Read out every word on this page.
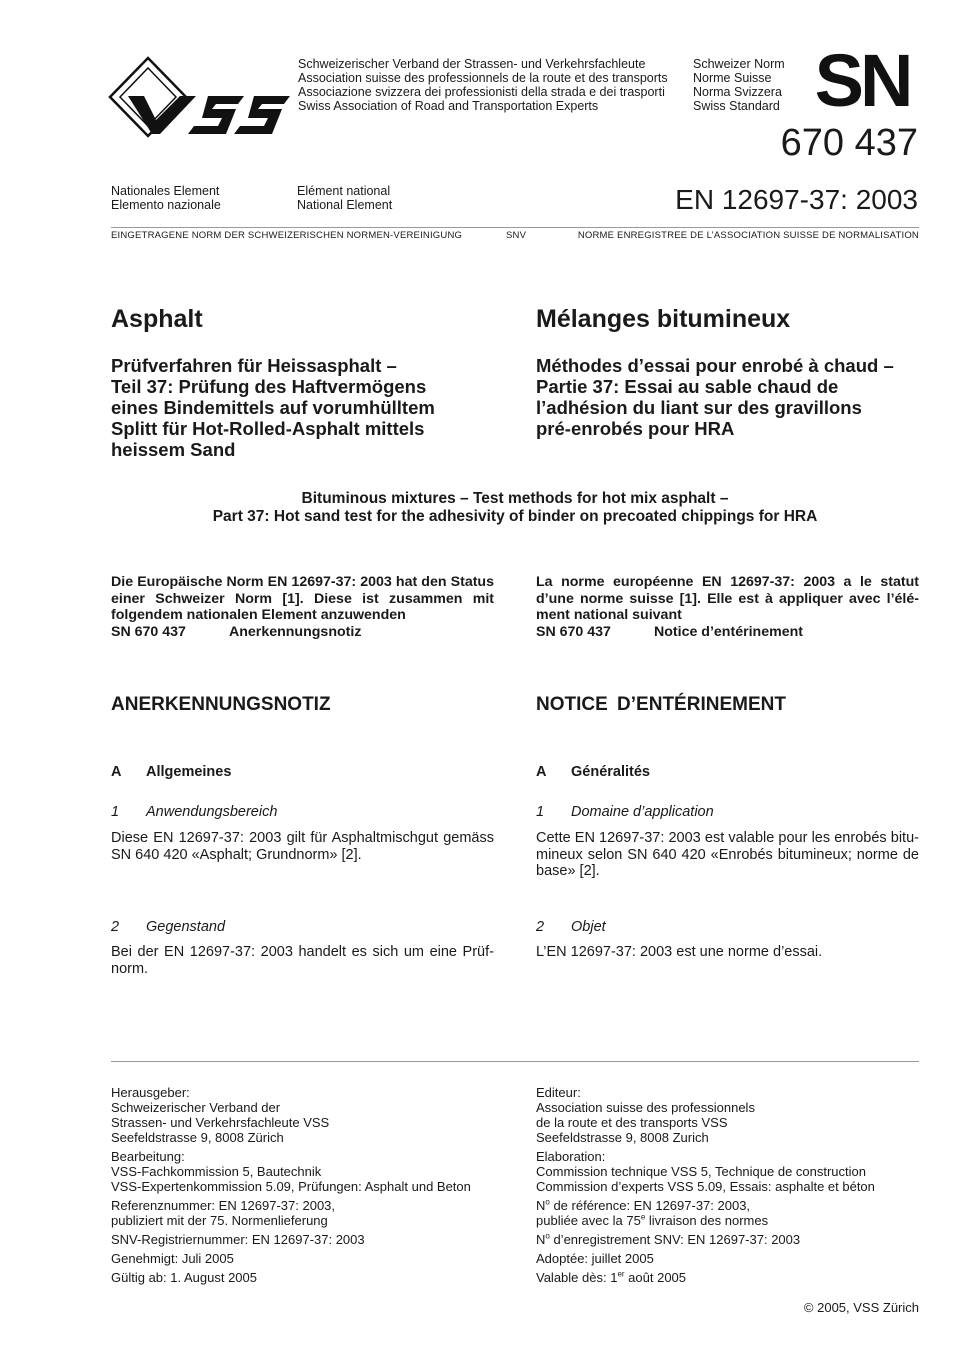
Schweizerischer Verband der Strassen- und Verkehrsfachleute
Association suisse des professionnels de la route et des transports
Associazione svizzera dei professionisti della strada e dei trasporti
Swiss Association of Road and Transportation Experts
Schweizer Norm
Norme Suisse
Norma Svizzera
Swiss Standard SN
670 437
Nationales Element
Elemento nazionale
Elément national
National Element	EN 12697-37: 2003
EINGETRAGENE NORM DER SCHWEIZERISCHEN NORMEN-VEREINIGUNG	SNV	NORME ENREGISTREE DE L’ASSOCIATION SUISSE DE NORMALISATION
Asphalt	Mélanges bitumineux
Prüfverfahren für Heissasphalt –
Teil 37: Prüfung des Haftvermögens
eines Bindemittels auf vorumhülltem
Splitt für Hot-Rolled-Asphalt mittels
heissem Sand
Méthodes d’essai pour enrobé à chaud –
Partie 37: Essai au sable chaud de
l’adhésion du liant sur des gravillons
pré-enrobés pour HRA
Bituminous mixtures – Test methods for hot mix asphalt –
Part 37: Hot sand test for the adhesivity of binder on precoated chippings for HRA
Die Europäische Norm EN 12697-37: 2003 hat den Status einer Schweizer Norm [1]. Diese ist zusammen mit folgendem nationalen Element anzuwenden
SN 670 437	Anerkennungsnotiz
La norme européenne EN 12697-37: 2003 a le statut d’une norme suisse [1]. Elle est à appliquer avec l’élément national suivant
SN 670 437	Notice d’entérinement
ANERKENNUNGSNOTIZ	NOTICE D’ENTÉRINEMENT
A Allgemeines	A Généralités
1 Anwendungsbereich	1 Domaine d’application
Diese EN 12697-37: 2003 gilt für Asphaltmischgut gemäss SN 640 420 «Asphalt; Grundnorm» [2].
Cette EN 12697-37: 2003 est valable pour les enrobés bitumineux selon SN 640 420 «Enrobés bitumineux; norme de base» [2].
2 Gegenstand	2 Objet
Bei der EN 12697-37: 2003 handelt es sich um eine Prüfnorm.
L’EN 12697-37: 2003 est une norme d’essai.

Herausgeber:
Schweizerischer Verband der
Strassen- und Verkehrsfachleute VSS
Seefeldstrasse 9, 8008 Zürich

Bearbeitung:
VSS-Fachkommission 5, Bautechnik
VSS-Expertenkommission 5.09, Prüfungen: Asphalt und Beton

Referenznummer: EN 12697-37: 2003,
publiziert mit der 75. Normenlieferung

SNV-Registriernummer: EN 12697-37: 2003

Genehmigt: Juli 2005

Gültig ab: 1. August 2005

Editeur:
Association suisse des professionnels
de la route et des transports VSS
Seefeldstrasse 9, 8008 Zurich

Elaboration:
Commission technique VSS 5, Technique de construction
Commission d’experts VSS 5.09, Essais: asphalte et béton

$N^o$ de référence: EN 12697-37: 2003,
publiée avec la 75e livraison des normes

$N^o$ d’enregistrement SNV: EN 12697-37: 2003

Adoptée: juillet 2005

Valable dès: 1er août 2005

© 2005, VSS Zürich
